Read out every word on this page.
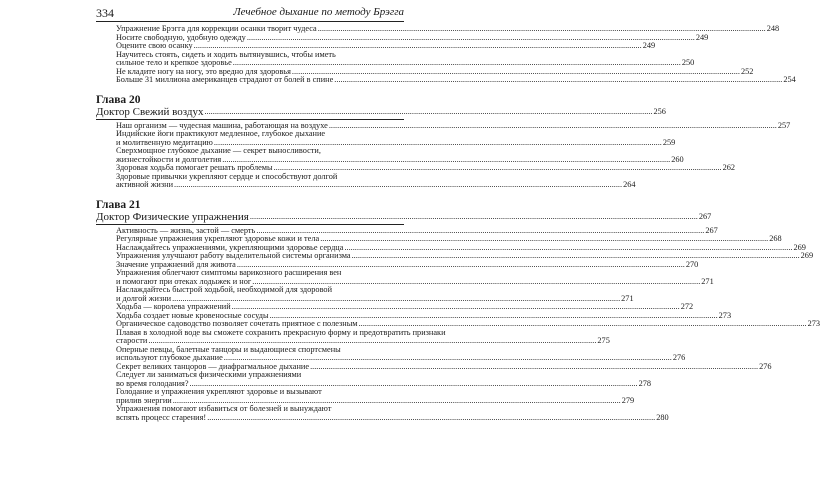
334	Лечебное дыхание по методу Брэгга
Упражнение Брэгга для коррекции осанки творит чудеса .....	248
Носите свободную, удобную одежду .....	249
Оцените свою осанку .....	249
Научитесь стоять, сидеть и ходить вытянувшись, чтобы иметь
сильное тело и крепкое здоровье .....	250
Не кладите ногу на ногу, это вредно для здоровья .....	252
Больше 31 миллиона американцев страдают от болей в спине .....	254
Глава 20
Доктор Свежий воздух .....	256
Наш организм — чудесная машина, работающая на воздухе .....	257
Индийские йоги практикуют медленное, глубокое дыхание
и молитвенную медитацию .....	259
Сверхмощное глубокое дыхание — секрет выносливости,
жизнестойкости и долголетия .....	260
Здоровая ходьба помогает решать проблемы .....	262
Здоровые привычки укрепляют сердце и способствуют долгой
активной жизни .....	264
Глава 21
Доктор Физические упражнения .....	267
Активность — жизнь, застой — смерть .....	267
Регулярные упражнения укрепляют здоровье кожи и тела .....	268
Наслаждайтесь упражнениями, укрепляющими здоровье сердца .....	269
Упражнения улучшают работу выделительной системы организма .....	269
Значение упражнений для живота .....	270
Упражнения облегчают симптомы варикозного расширения вен
и помогают при отеках лодыжек и ног .....	271
Наслаждайтесь быстрой ходьбой, необходимой для здоровой
и долгой жизни .....	271
Ходьба — королева упражнений .....	272
Ходьба создает новые кровеносные сосуды .....	273
Органическое садоводство позволяет сочетать приятное с полезным .....	273
Плавая в холодной воде вы сможете сохранить прекрасную форму и предотвратить признаки
старости .....	275
Оперные певцы, балетные танцоры и выдающиеся спортсмены
используют глубокое дыхание .....	276
Секрет великих танцоров — диафрагмальное дыхание .....	276
Следует ли заниматься физическими упражнениями
во время голодания? .....	278
Голодание и упражнения укрепляют здоровье и вызывают
прилив энергии .....	279
Упражнения помогают избавиться от болезней и вынуждают
вспять процесс старения! .....	280
